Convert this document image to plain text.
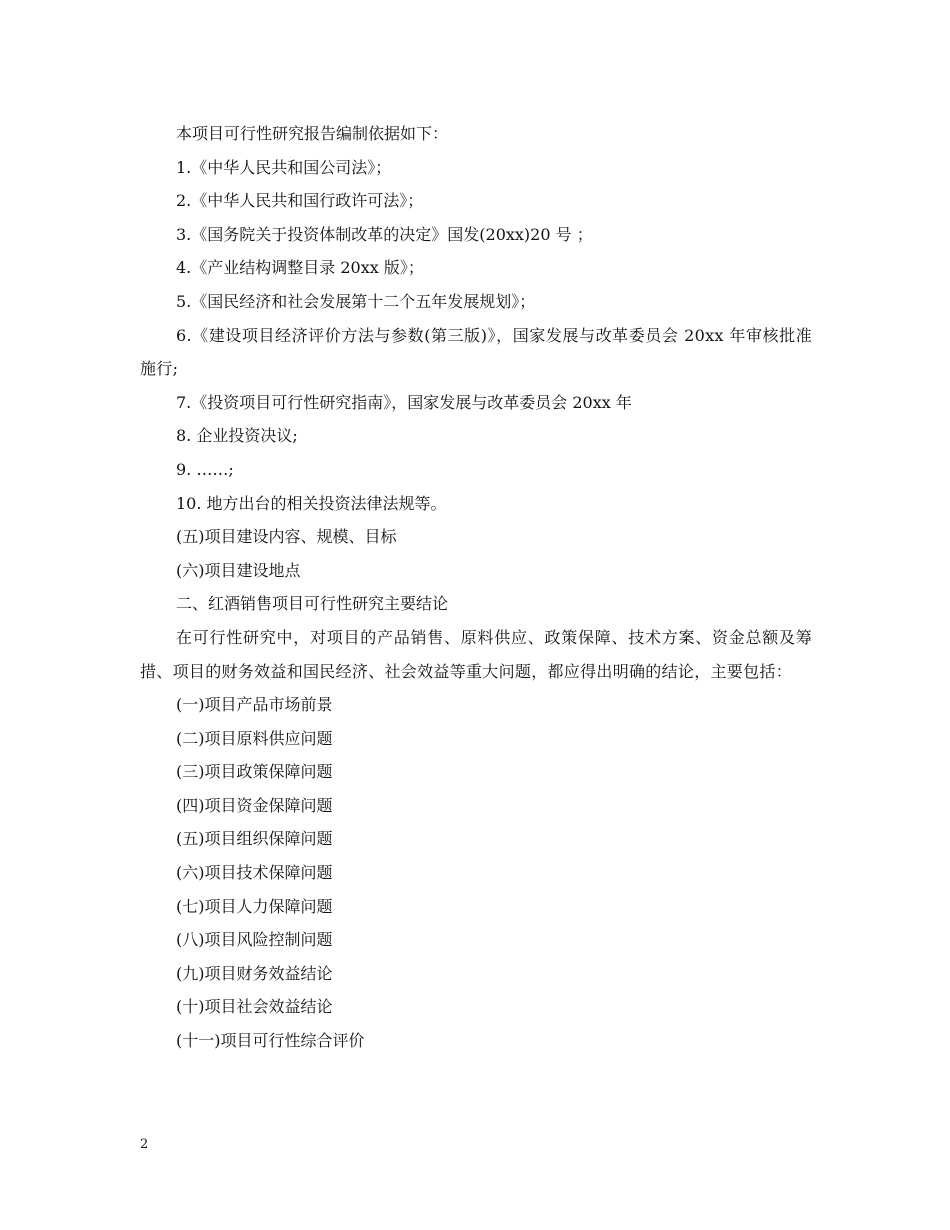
本项目可行性研究报告编制依据如下：
1.《中华人民共和国公司法》；
2.《中华人民共和国行政许可法》；
3.《国务院关于投资体制改革的决定》国发(20xx)20 号 ；
4.《产业结构调整目录 20xx 版》；
5.《国民经济和社会发展第十二个五年发展规划》；
6.《建设项目经济评价方法与参数(第三版)》，国家发展与改革委员会 20xx 年审核批准施行;
7.《投资项目可行性研究指南》，国家发展与改革委员会 20xx 年
8. 企业投资决议;
9. ……;
10. 地方出台的相关投资法律法规等。
(五)项目建设内容、规模、目标
(六)项目建设地点
二、红酒销售项目可行性研究主要结论
在可行性研究中，对项目的产品销售、原料供应、政策保障、技术方案、资金总额及筹措、项目的财务效益和国民经济、社会效益等重大问题，都应得出明确的结论，主要包括：
(一)项目产品市场前景
(二)项目原料供应问题
(三)项目政策保障问题
(四)项目资金保障问题
(五)项目组织保障问题
(六)项目技术保障问题
(七)项目人力保障问题
(八)项目风险控制问题
(九)项目财务效益结论
(十)项目社会效益结论
(十一)项目可行性综合评价
2
